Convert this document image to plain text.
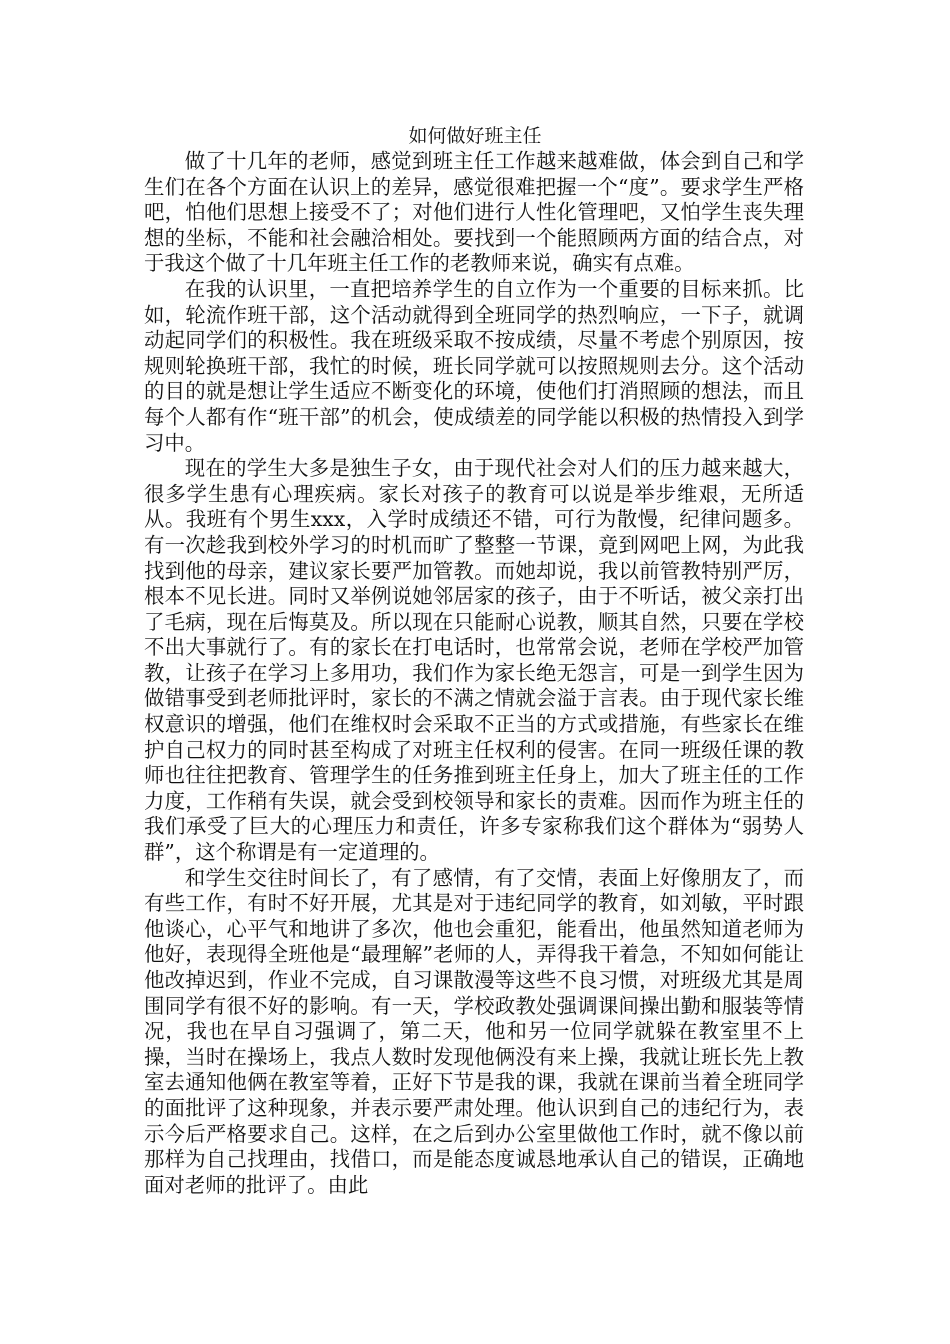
如何做好班主任

做了十几年的老师，感觉到班主任工作越来越难做，体会到自己和学生们在各个方面在认识上的差异，感觉很难把握一个“度”。要求学生严格吧，怕他们思想上接受不了；对他们进行人性化管理吧，又怕学生丧失理想的坐标，不能和社会融洽相处。要找到一个能照顾两方面的结合点，对于我这个做了十几年班主任工作的老教师来说，确实有点难。

在我的认识里，一直把培养学生的自立作为一个重要的目标来抓。比如，轮流作班干部，这个活动就得到全班同学的热烈响应，一下子，就调动起同学们的积极性。我在班级采取不按成绩，尽量不考虑个别原因，按规则轮换班干部，我忙的时候，班长同学就可以按照规则去分。这个活动的目的就是想让学生适应不断变化的环境，使他们打消照顾的想法，而且每个人都有作“班干部”的机会，使成绩差的同学能以积极的热情投入到学习中。

现在的学生大多是独生子女，由于现代社会对人们的压力越来越大，很多学生患有心理疾病。家长对孩子的教育可以说是举步维艰，无所适从。我班有个男生xxx，入学时成绩还不错，可行为散慢，纪律问题多。有一次趁我到校外学习的时机而旷了整整一节课，竟到网吧上网，为此我找到他的母亲，建议家长要严加管教。而她却说，我以前管教特别严厉，根本不见长进。同时又举例说她邻居家的孩子，由于不听话，被父亲打出了毛病，现在后悔莫及。所以现在只能耐心说教，顺其自然，只要在学校不出大事就行了。有的家长在打电话时，也常常会说，老师在学校严加管教，让孩子在学习上多用功，我们作为家长绝无怨言，可是一到学生因为做错事受到老师批评时，家长的不满之情就会溢于言表。由于现代家长维权意识的增强，他们在维权时会采取不正当的方式或措施，有些家长在维护自己权力的同时甚至构成了对班主任权利的侵害。在同一班级任课的教师也往往把教育、管理学生的任务推到班主任身上，加大了班主任的工作力度，工作稍有失误，就会受到校领导和家长的责难。因而作为班主任的我们承受了巨大的心理压力和责任，许多专家称我们这个群体为“弱势人群”，这个称谓是有一定道理的。

和学生交往时间长了，有了感情，有了交情，表面上好像朋友了，而有些工作，有时不好开展，尤其是对于违纪同学的教育，如刘敏，平时跟他谈心，心平气和地讲了多次，他也会重犯，能看出，他虽然知道老师为他好，表现得全班他是“最理解”老师的人，弄得我干着急，不知如何能让他改掉迟到，作业不完成，自习课散漫等这些不良习惯，对班级尤其是周围同学有很不好的影响。有一天，学校政教处强调课间操出勤和服装等情况，我也在早自习强调了，第二天，他和另一位同学就躲在教室里不上操，当时在操场上，我点人数时发现他俩没有来上操，我就让班长先上教室去通知他俩在教室等着，正好下节是我的课，我就在课前当着全班同学的面批评了这种现象，并表示要严肃处理。他认识到自己的违纪行为，表示今后严格要求自己。这样，在之后到办公室里做他工作时，就不像以前那样为自己找理由，找借口，而是能态度诚恳地承认自己的错误，正确地面对老师的批评了。由此
